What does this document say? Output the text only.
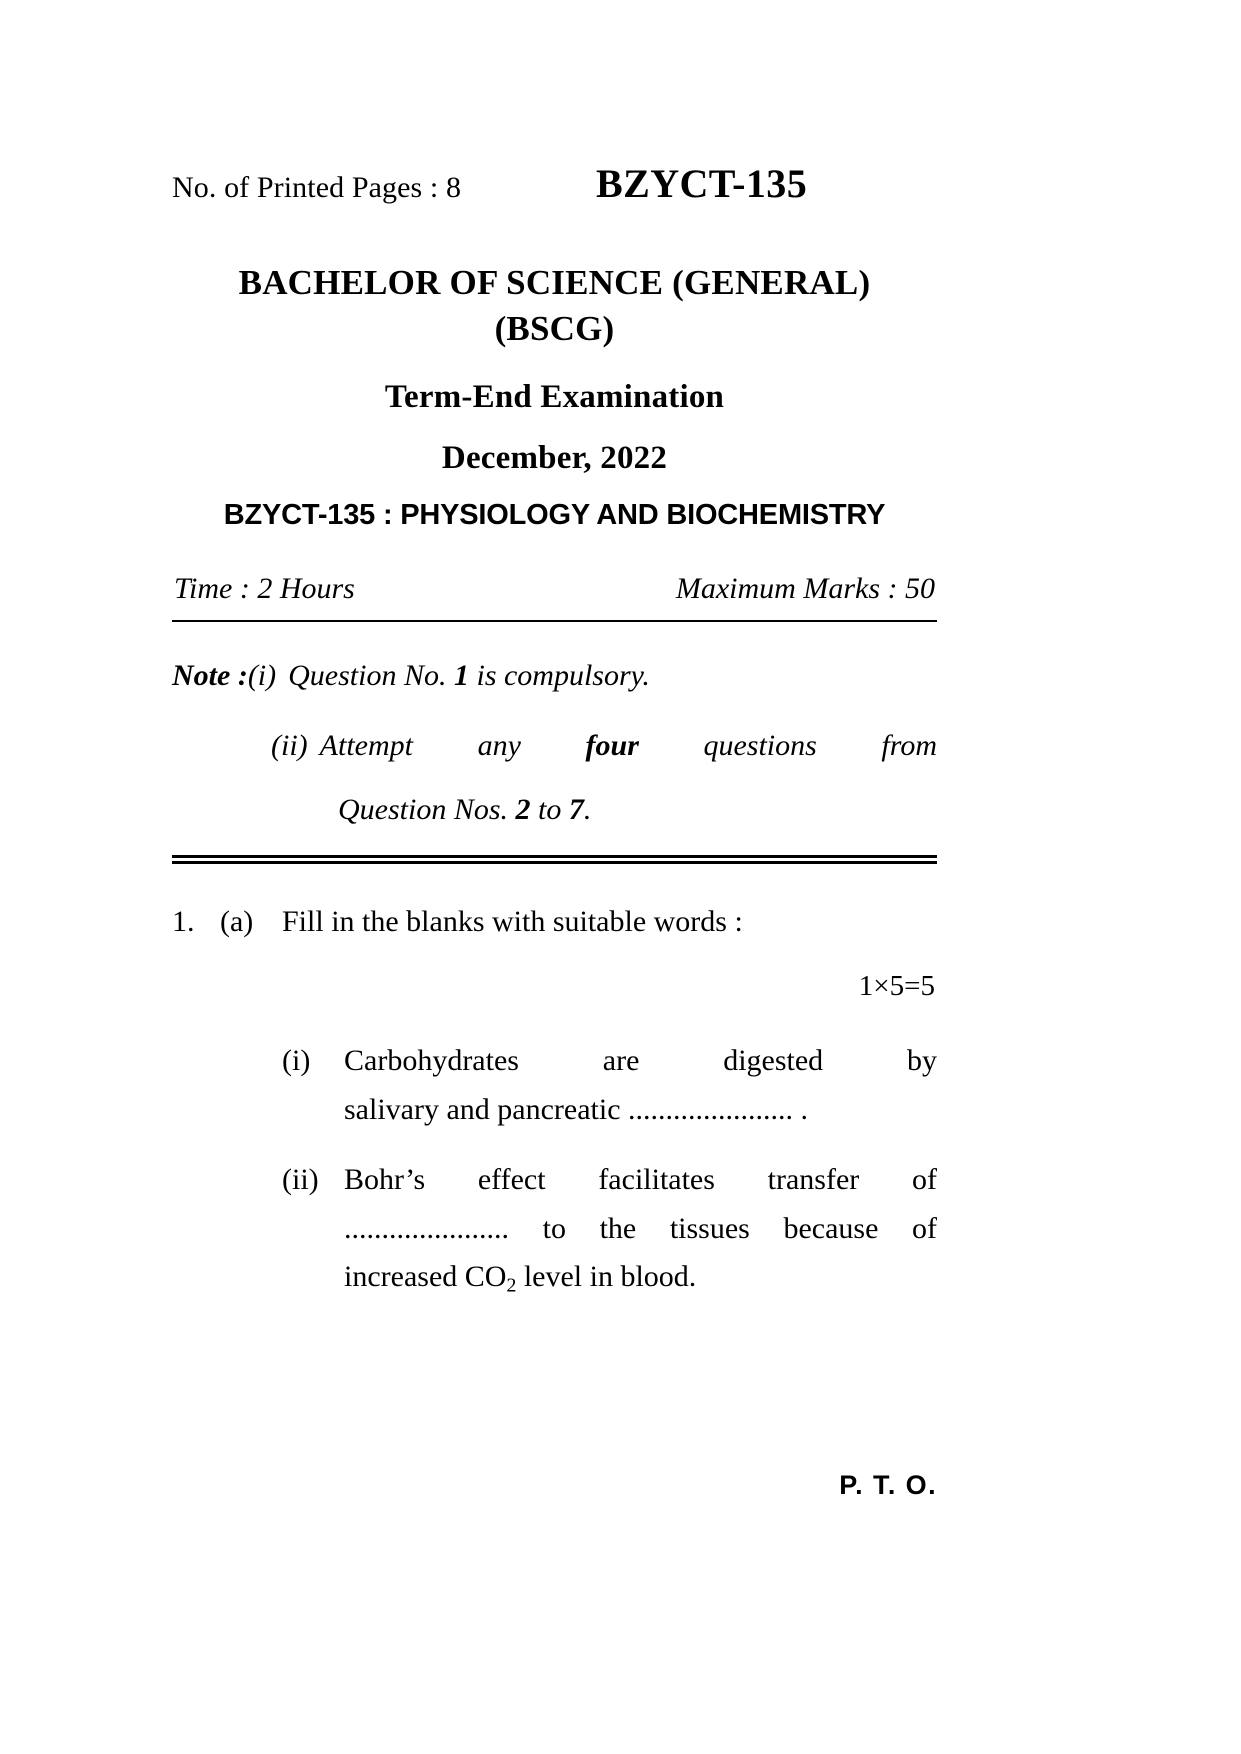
No. of Printed Pages : 8	BZYCT-135
BACHELOR OF SCIENCE (GENERAL)
(BSCG)
Term-End Examination
December, 2022
BZYCT-135 : PHYSIOLOGY AND BIOCHEMISTRY
Time : 2 Hours	Maximum Marks : 50
Note : (i) Question No. 1 is compulsory.
(ii) Attempt any four questions from
Question Nos. 2 to 7.
1. (a) Fill in the blanks with suitable words :
1×5=5
(i)	Carbohydrates are digested by
salivary and pancreatic ...................... .
(ii) Bohr’s effect facilitates transfer of
...................... to the tissues because of
increased $CO_2$ level in blood.
P. T. O.
